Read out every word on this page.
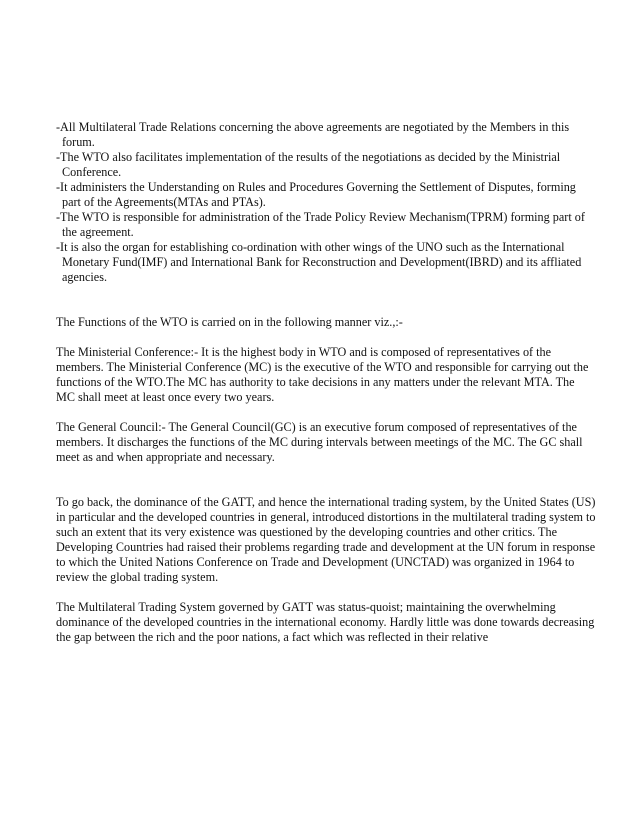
-All Multilateral Trade Relations concerning the above agreements are negotiated by the Members in this forum.

-The WTO also facilitates implementation of the results of the negotiations as decided by the Ministrial Conference.

-It administers the Understanding on Rules and Procedures Governing the Settlement of Disputes, forming part of the Agreements(MTAs and PTAs).

-The WTO is responsible for administration of the Trade Policy Review Mechanism(TPRM) forming part of the agreement.

-It is also the organ for establishing co-ordination with other wings of the UNO such as the International Monetary Fund(IMF) and International Bank for Reconstruction and Development(IBRD) and its affliated agencies.

The Functions of the WTO is carried on in the following manner viz.,:-

The Ministerial Conference:- It is the highest body in WTO and is composed of representatives of the members. The Ministerial Conference (MC) is the executive of the WTO and responsible for carrying out the functions of the WTO.The MC has authority to take decisions in any matters under the relevant MTA. The MC shall meet at least once every two years.

The General Council:- The General Council(GC) is an executive forum composed of representatives of the members. It discharges the functions of the MC during intervals between meetings of the MC. The GC shall meet as and when appropriate and necessary.

To go back, the dominance of the GATT, and hence the international trading system, by the United States (US) in particular and the developed countries in general, introduced distortions in the multilateral trading system to such an extent that its very existence was questioned by the developing countries and other critics. The Developing Countries had raised their problems regarding trade and development at the UN forum in response to which the United Nations Conference on Trade and Development (UNCTAD) was organized in 1964 to review the global trading system.

The Multilateral Trading System governed by GATT was status-quoist; maintaining the overwhelming dominance of the developed countries in the international economy. Hardly little was done towards decreasing the gap between the rich and the poor nations, a fact which was reflected in their relative
